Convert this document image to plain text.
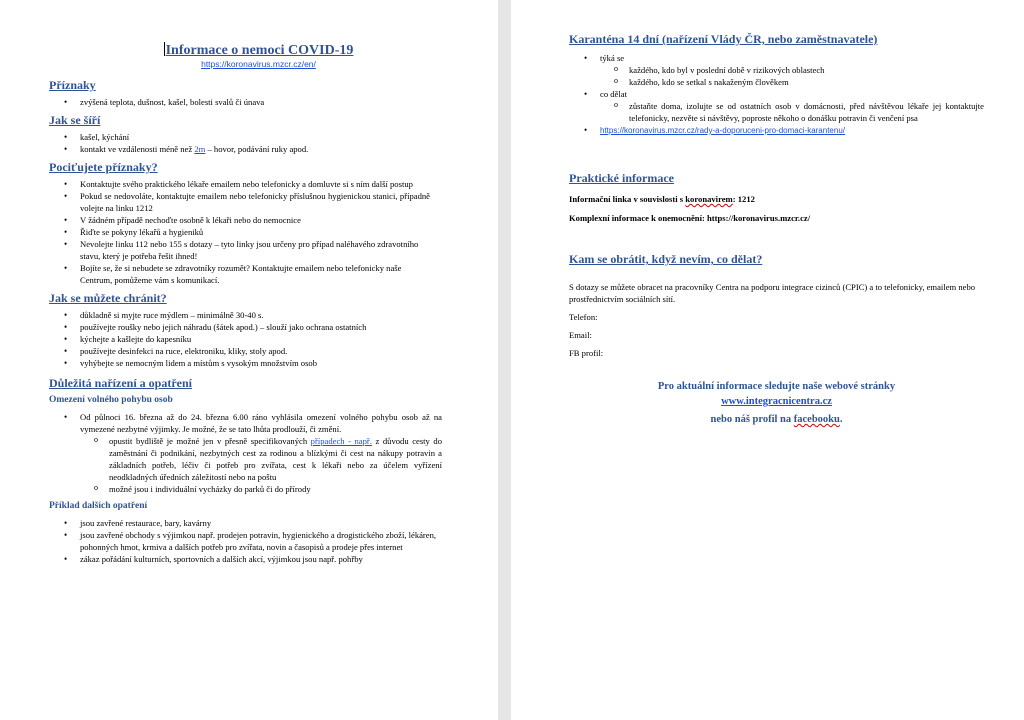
Informace o nemoci COVID-19
https://koronavirus.mzcr.cz/en/
Příznaky
• zvýšená teplota, dušnost, kašel, bolesti svalů či únava
Jak se šíří
• kašel, kýchání
• kontakt ve vzdálenosti méně než 2m – hovor, podávání ruky apod.
Pociťujete příznaky?
• Kontaktujte svého praktického lékaře emailem nebo telefonicky a domluvte si s ním další postup
• Pokud se nedovoláte, kontaktujte emailem nebo telefonicky příslušnou hygienickou stanici, případně volejte na linku 1212
• V žádném případě nechoďte osobně k lékaři nebo do nemocnice
• Řiďte se pokyny lékařů a hygieniků
• Nevolejte linku 112 nebo 155 s dotazy – tyto linky jsou určeny pro případ naléhavého zdravotního stavu, který je potřeba řešit ihned!
• Bojíte se, že si nebudete se zdravotníky rozumět? Kontaktujte emailem nebo telefonicky naše Centrum, pomůžeme vám s komunikací.
Jak se můžete chránit?
• důkladně si myjte ruce mýdlem – minimálně 30-40 s.
• používejte roušky nebo jejich náhradu (šátek apod.) – slouží jako ochrana ostatních
• kýchejte a kašlejte do kapesníku
• používejte desinfekci na ruce, elektroniku, kliky, stoly apod.
• vyhýbejte se nemocným lidem a místům s vysokým množstvím osob
Důležitá nařízení a opatření
Omezení volného pohybu osob
• Od půlnoci 16. března až do 24. března 6.00 ráno vyhlásila omezení volného pohybu osob až na vymezené nezbytné výjimky. Je možné, že se tato lhůta prodlouží, či změní.
o opustit bydliště je možné jen v přesně specifikovaných případech - např. z důvodu cesty do zaměstnání či podnikání, nezbytných cest za rodinou a blízkými či cest na nákupy potravin a základních potřeb, léčiv či potřeb pro zvířata, cest k lékaři nebo za účelem vyřízení neodkladných úředních záležitostí nebo na poštu
o možné jsou i individuální vycházky do parků či do přírody
Příklad dalších opatření
• jsou zavřené restaurace, bary, kavárny
• jsou zavřené obchody s výjimkou např. prodejen potravin, hygienického a drogistického zboží, lékáren, pohonných hmot, krmiva a dalších potřeb pro zvířata, novin a časopisů a prodeje přes internet
• zákaz pořádání kulturních, sportovních a dalších akcí, výjimkou jsou např. pohřby
Karanténa 14 dní (nařízení Vlády ČR, nebo zaměstnavatele)
• týká se
o každého, kdo byl v poslední době v rizikových oblastech
o každého, kdo se setkal s nakaženým člověkem
• co dělat
o zůstaňte doma, izolujte se od ostatních osob v domácnosti, před návštěvou lékaře jej kontaktujte telefonicky, nezvěte si návštěvy, poproste někoho o donášku potravin či venčení psa
• https://koronavirus.mzcr.cz/rady-a-doporuceni-pro-domaci-karantenu/
Praktické informace
Informační linka v souvislosti s koronavirem: 1212
Komplexní informace k onemocnění: https://koronavirus.mzcr.cz/
Kam se obrátit, když nevím, co dělat?
S dotazy se můžete obracet na pracovníky Centra na podporu integrace cizinců (CPIC) a to telefonicky, emailem nebo prostřednictvím sociálních sítí.
Telefon:
Email:
FB profil:
Pro aktuální informace sledujte naše webové stránky
www.integracnicentra.cz
nebo náš profil na facebooku.
